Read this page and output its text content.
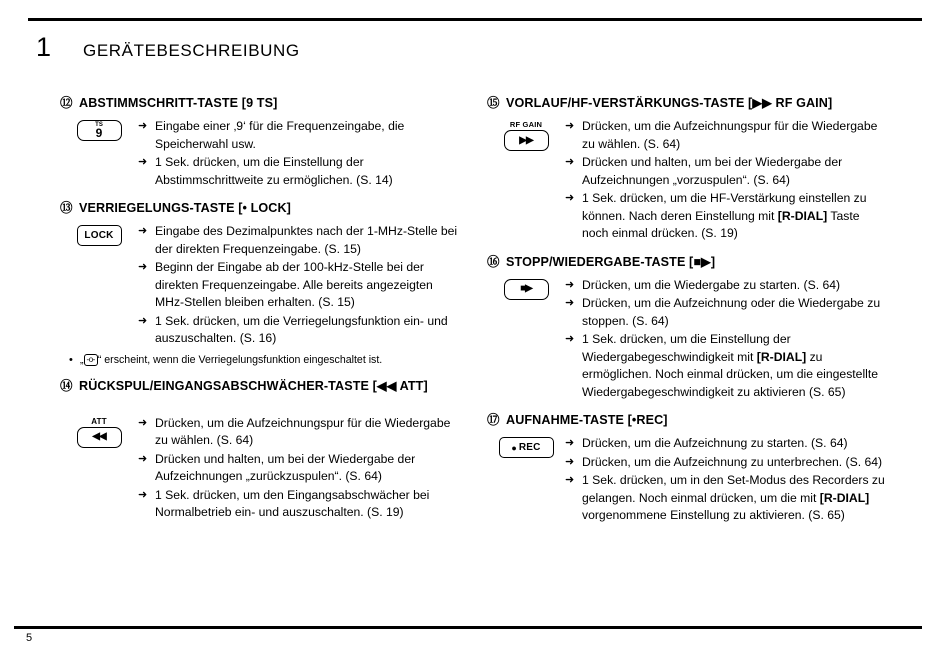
1 GERÄTEBESCHREIBUNG
⑫ ABSTIMMSCHRITT-TASTE [9 TS]
TS
9	➜ Eingabe einer ‚9‘ für die Frequenzeingabe, die Speicherwahl usw.
➜ 1 Sek. drücken, um die Einstellung der Abstimmschrittweite zu ermöglichen. (S. 14)
⑬ VERRIEGELUNGS-TASTE [• LOCK]
LOCK ➜ Eingabe des Dezimalpunktes nach der 1-MHz-Stelle bei der direkten Frequenzeingabe. (S. 15)
➜ Beginn der Eingabe ab der 100-kHz-Stelle bei der direkten Frequenzeingabe. Alle bereits angezeigten MHz-Stellen bleiben erhalten. (S. 15)
➜ 1 Sek. drücken, um die Verriegelungsfunktion ein- und auszuschalten. (S. 16)
• „ -o- “ erscheint, wenn die Verriegelungsfunktion eingeschaltet ist.
⑭ RÜCKSPUL/EINGANGSABSCHWÄCHER-TASTE [◀◀ ATT]
ATT
◀◀
➜ Drücken, um die Aufzeichnungspur für die Wiedergabe zu wählen. (S. 64)
➜ Drücken und halten, um bei der Wiedergabe der Aufzeichnungen „zurückzuspulen“. (S. 64)
➜ 1 Sek. drücken, um den Eingangsabschwächer bei Normalbetrieb ein- und auszuschalten. (S. 19)
⑮ VORLAUF/HF-VERSTÄRKUNGS-TASTE [▶▶ RF GAIN]
RF GAIN
▶▶
➜ Drücken, um die Aufzeichnungspur für die Wiedergabe zu wählen. (S. 64)
➜ Drücken und halten, um bei der Wiedergabe der Aufzeichnungen „vorzuspulen“. (S. 64)
➜ 1 Sek. drücken, um die HF-Verstärkung einstellen zu können. Nach deren Einstellung mit [R-DIAL] Taste noch einmal drücken. (S. 19)
⑯ STOPP/WIEDERGABE-TASTE [■▶]
■▶	➜ Drücken, um die Wiedergabe zu starten. (S. 64)
➜ Drücken, um die Aufzeichnung oder die Wiedergabe zu stoppen. (S. 64)
➜ 1 Sek. drücken, um die Einstellung der Wiedergabegeschwindigkeit mit [R-DIAL] zu ermöglichen. Noch einmal drücken, um die eingestellte Wiedergabegeschwindigkeit zu aktivieren (S. 65)
⑰ AUFNAHME-TASTE [•REC]
● REC ➜ Drücken, um die Aufzeichnung zu starten. (S. 64)
➜ Drücken, um die Aufzeichnung zu unterbrechen. (S. 64)
➜ 1 Sek. drücken, um in den Set-Modus des Recorders zu gelangen. Noch einmal drücken, um die mit [R-DIAL] vorgenommene Einstellung zu aktivieren. (S. 65)
5
